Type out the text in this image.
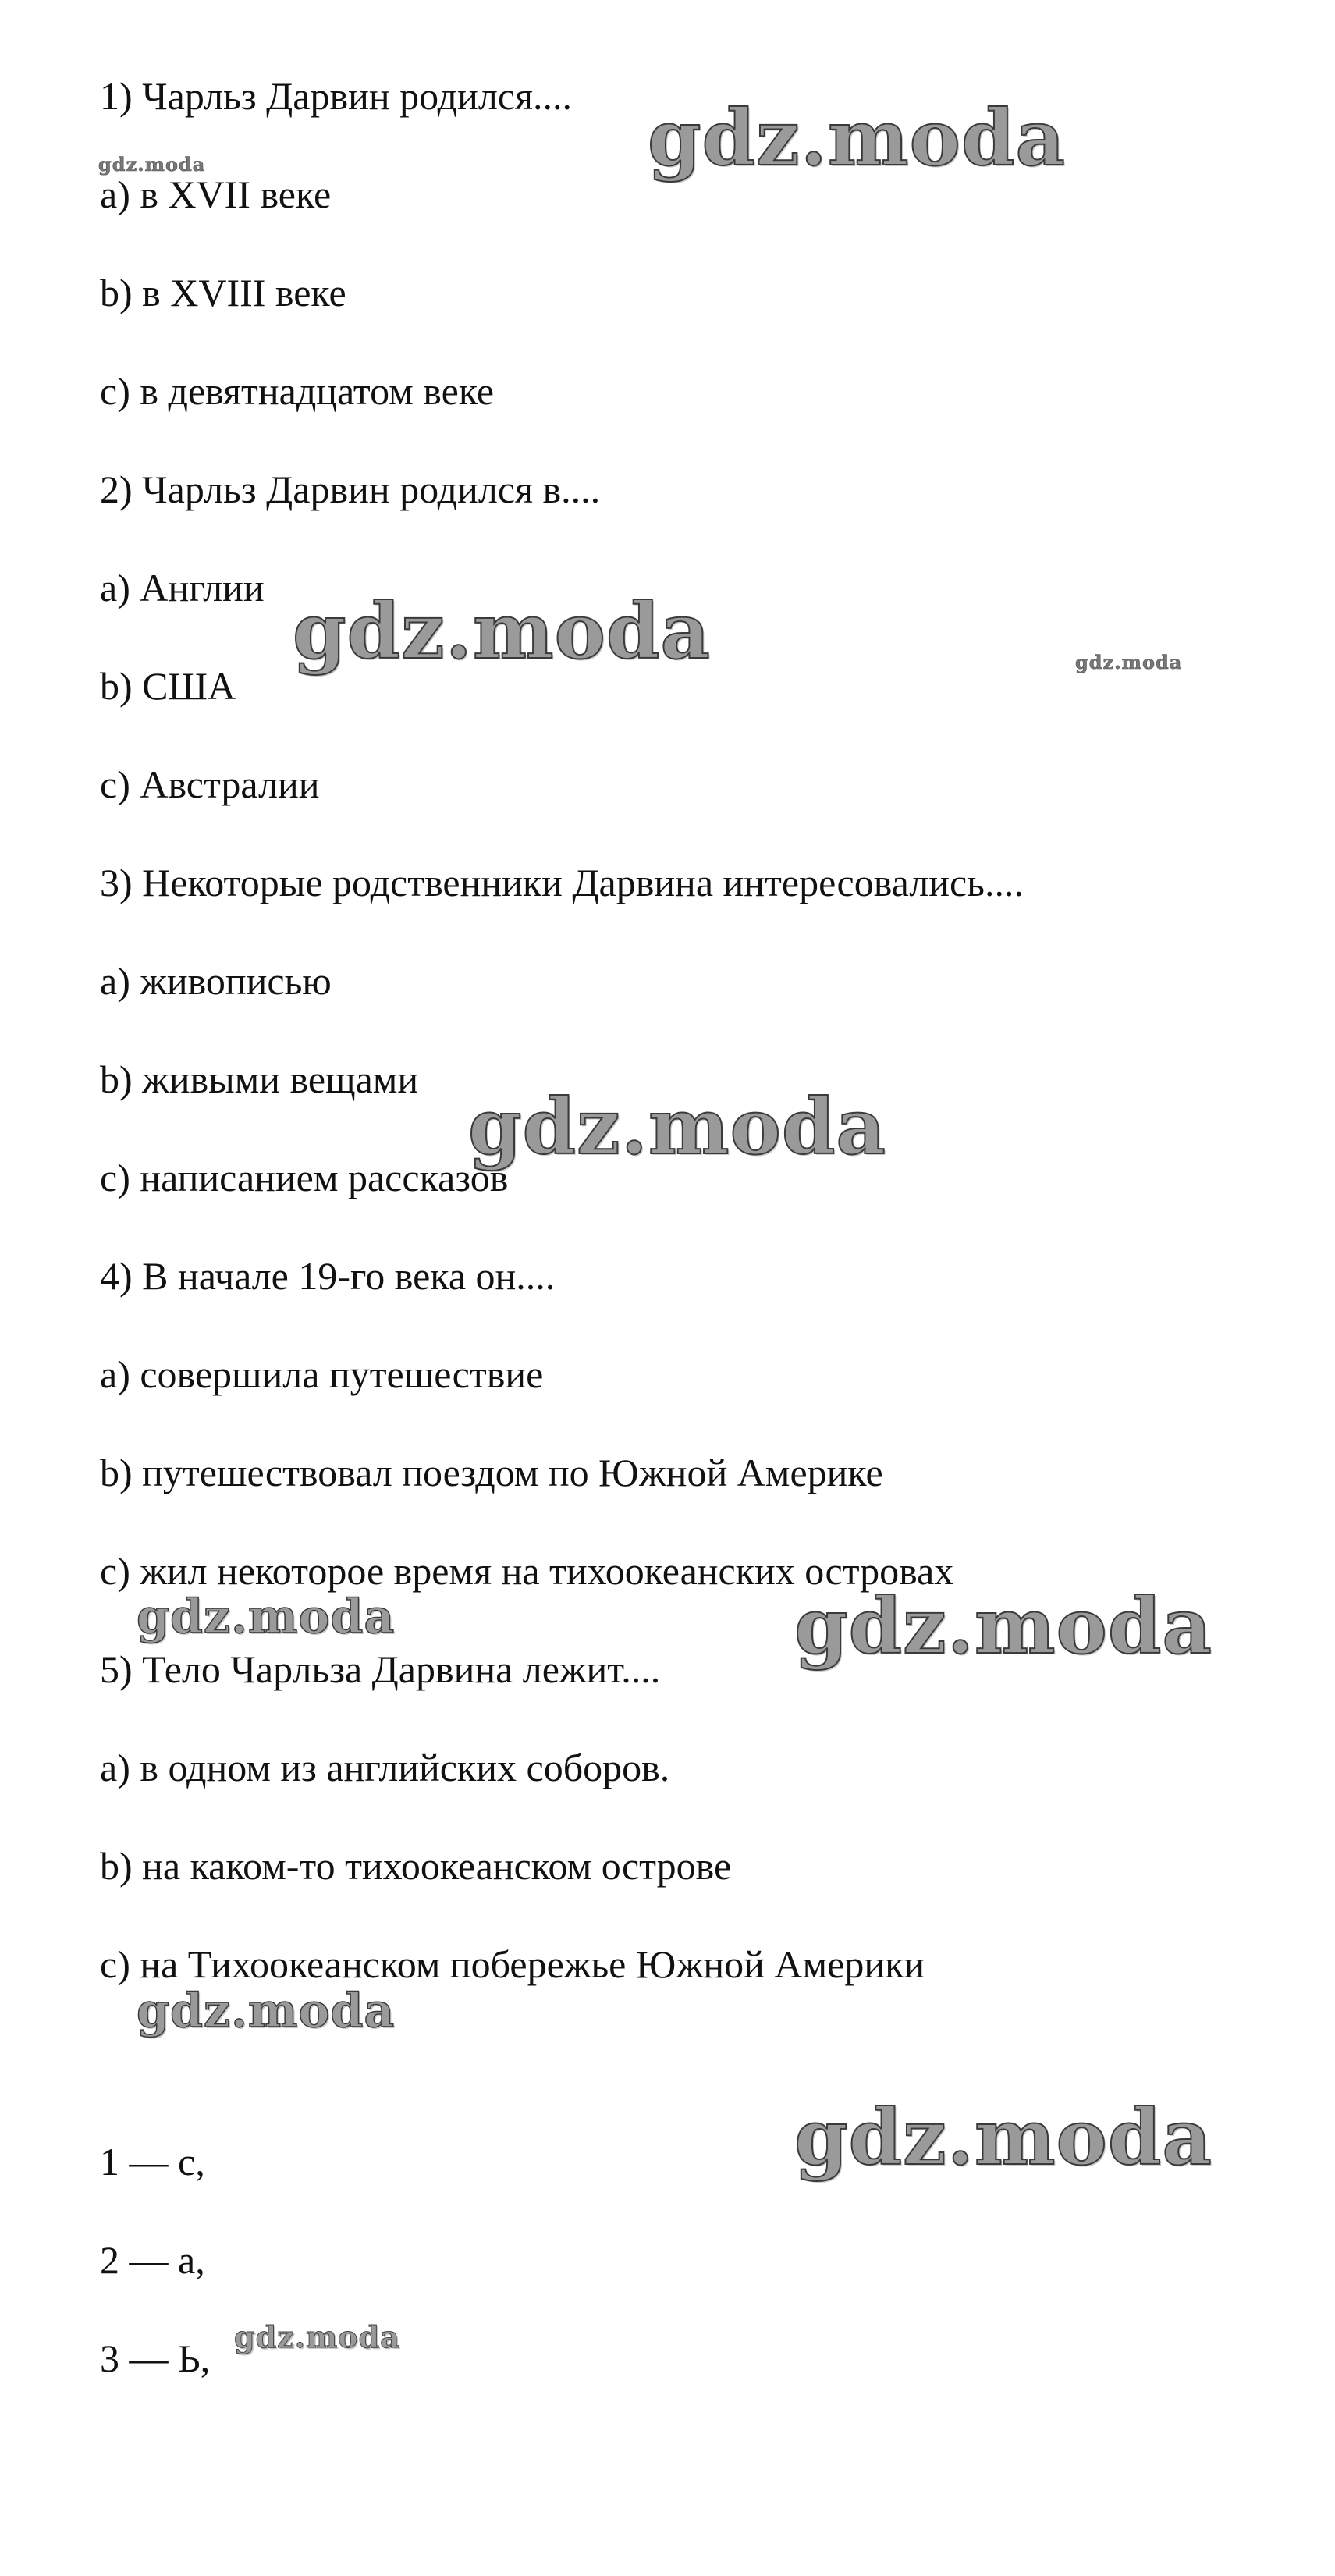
1) Чарльз Дарвин родился....
a) в XVII веке
b) в XVIII веке
c) в девятнадцатом веке
2) Чарльз Дарвин родился в....
a) Англии
b) США
c) Австралии
3) Некоторые родственники Дарвина интересовались....
a) живописью
b) живыми вещами
c) написанием рассказов
4) В начале 19-го века он....
a) совершила путешествие
b) путешествовал поездом по Южной Америке
c) жил некоторое время на тихоокеанских островах
5) Тело Чарльза Дарвина лежит....
a) в одном из английских соборов.
b) на каком-то тихоокеанском острове
c) на Тихоокеанском побережье Южной Америки
1 — c,
2 — a,
3 — Ь,
gdz.moda
gdz.moda
gdz.moda	gdz.moda
gdz.moda
gdz.moda	gdz.moda
gdz.moda
gdz.moda
gdz.moda
